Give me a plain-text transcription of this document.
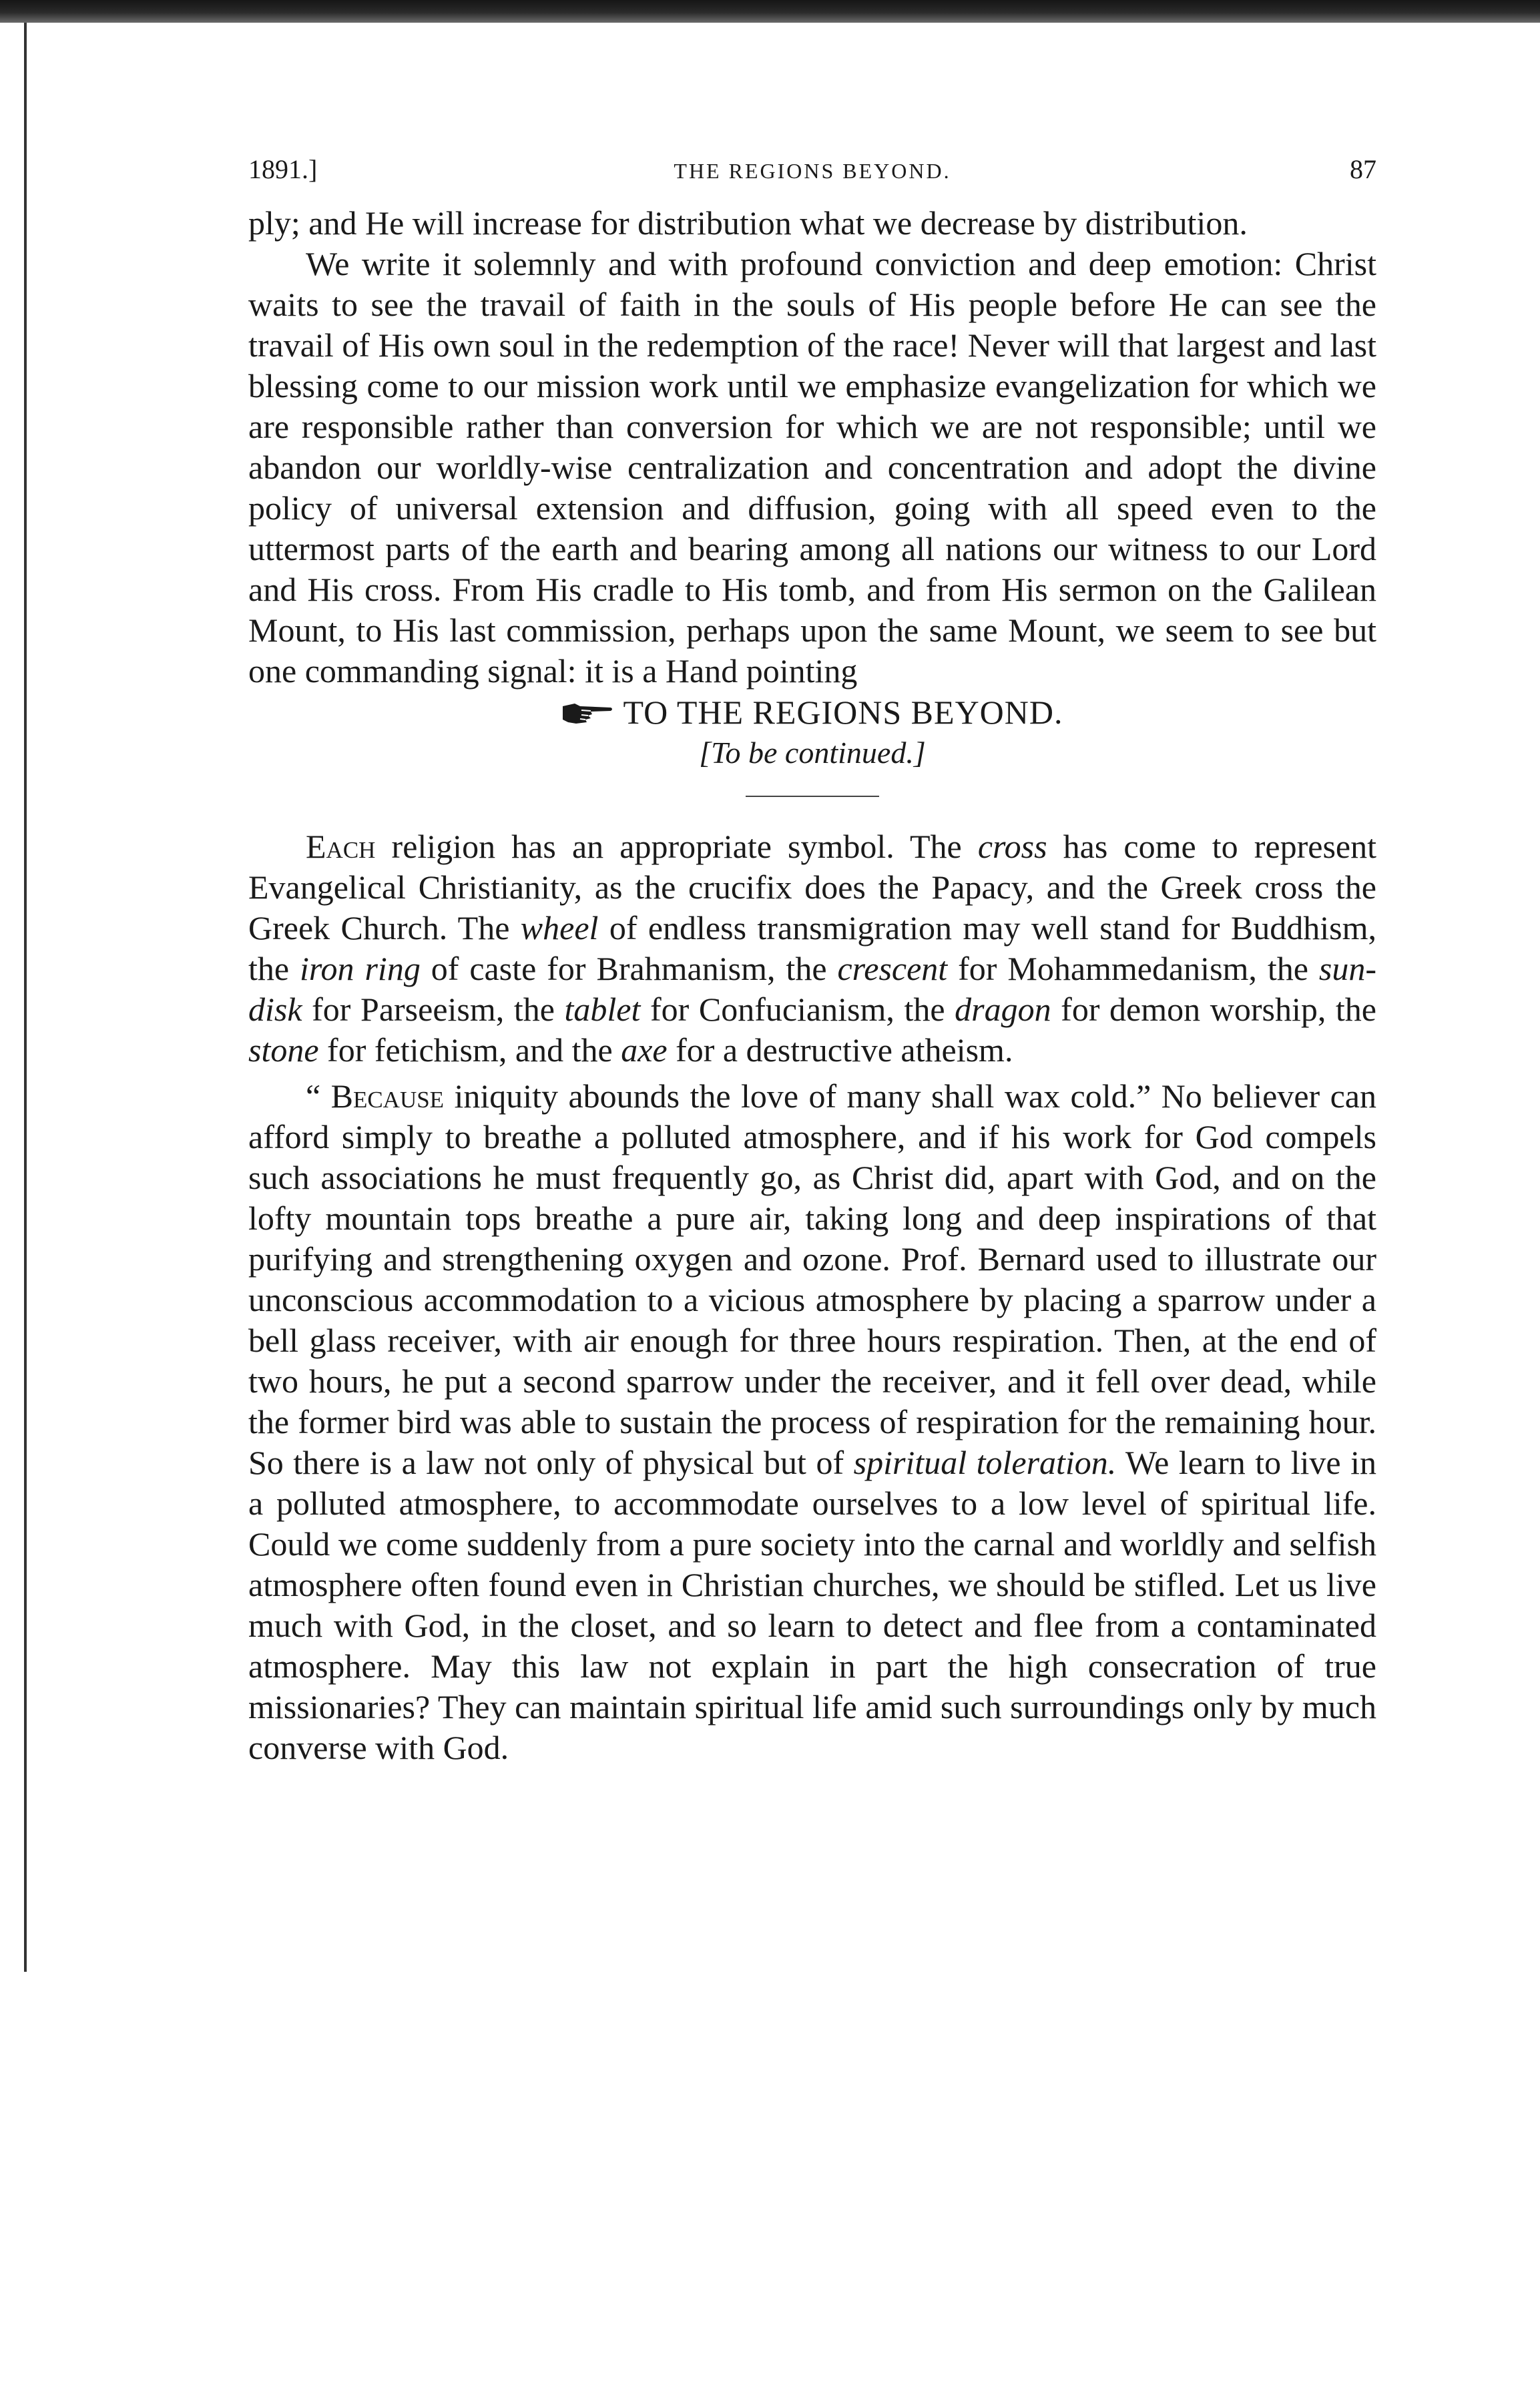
1891.]	THE REGIONS BEYOND.	87

ply; and He will increase for distribution what we decrease by distribution.

We write it solemnly and with profound conviction and deep emotion: Christ waits to see the travail of faith in the souls of His people before He can see the travail of His own soul in the redemption of the race! Never will that largest and last blessing come to our mission work until we emphasize evangelization for which we are responsible rather than conversion for which we are not responsible; until we abandon our worldly-wise centralization and concentration and adopt the divine policy of universal extension and diffusion, going with all speed even to the uttermost parts of the earth and bearing among all nations our witness to our Lord and His cross. From His cradle to His tomb, and from His sermon on the Galilean Mount, to His last commission, perhaps upon the same Mount, we seem to see but one commanding signal: it is a Hand pointing

TO THE REGIONS BEYOND.

[To be continued.]

Each religion has an appropriate symbol. The cross has come to represent Evangelical Christianity, as the crucifix does the Papacy, and the Greek cross the Greek Church. The wheel of endless transmigration may well stand for Buddhism, the iron ring of caste for Brahmanism, the crescent for Mohammedanism, the sun-disk for Parseeism, the tablet for Confucianism, the dragon for demon worship, the stone for fetichism, and the axe for a destructive atheism.

“ Because iniquity abounds the love of many shall wax cold.” No believer can afford simply to breathe a polluted atmosphere, and if his work for God compels such associations he must frequently go, as Christ did, apart with God, and on the lofty mountain tops breathe a pure air, taking long and deep inspirations of that purifying and strengthening oxygen and ozone. Prof. Bernard used to illustrate our unconscious accommodation to a vicious atmosphere by placing a sparrow under a bell glass receiver, with air enough for three hours respiration. Then, at the end of two hours, he put a second sparrow under the receiver, and it fell over dead, while the former bird was able to sustain the process of respiration for the remaining hour. So there is a law not only of physical but of spiritual toleration. We learn to live in a polluted atmosphere, to accommodate ourselves to a low level of spiritual life. Could we come suddenly from a pure society into the carnal and worldly and selfish atmosphere often found even in Christian churches, we should be stifled. Let us live much with God, in the closet, and so learn to detect and flee from a contaminated atmosphere. May this law not explain in part the high consecration of true missionaries? They can maintain spiritual life amid such surroundings only by much converse with God.
